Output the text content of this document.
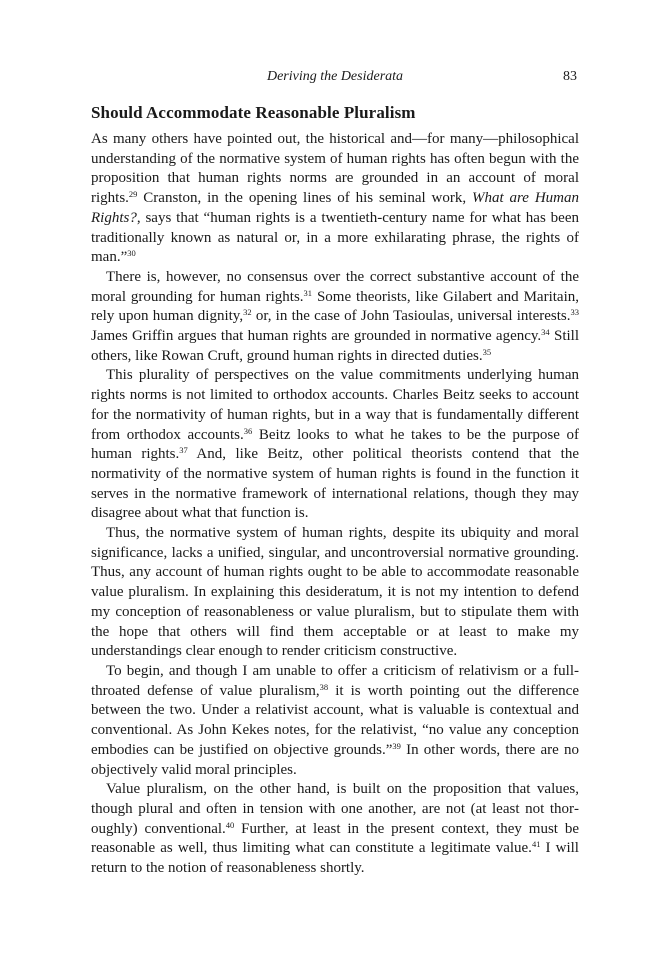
Deriving the Desiderata	83
Should Accommodate Reasonable Pluralism

As many others have pointed out, the historical and—for many—philosophical understanding of the normative system of human rights has often begun with the proposition that human rights norms are grounded in an account of moral rights.$^{29}$ Cranston, in the opening lines of his seminal work, What are Human Rights?, says that “human rights is a twentieth-century name for what has been traditionally known as natural or, in a more exhilarating phrase, the rights of man.”$^{30}$

There is, however, no consensus over the correct substantive account of the moral grounding for human rights.$^{31}$ Some theorists, like Gilabert and Maritain, rely upon human dignity,$^{32}$ or, in the case of John Tasioulas, universal interests.$^{33}$ James Griffin argues that human rights are grounded in normative agency.$^{34}$ Still others, like Rowan Cruft, ground human rights in directed duties.$^{35}$

This plurality of perspectives on the value commitments underlying human rights norms is not limited to orthodox accounts. Charles Beitz seeks to account for the normativity of human rights, but in a way that is fundamentally different from orthodox accounts.$^{36}$ Beitz looks to what he takes to be the purpose of human rights.$^{37}$ And, like Beitz, other political theorists contend that the normativity of the normative system of human rights is found in the function it serves in the normative framework of international relations, though they may disagree about what that function is.

Thus, the normative system of human rights, despite its ubiquity and moral significance, lacks a unified, singular, and uncontroversial normative grounding. Thus, any account of human rights ought to be able to accommodate reasonable value pluralism. In explaining this desideratum, it is not my intention to defend my conception of reasonableness or value pluralism, but to stipulate them with the hope that others will find them acceptable or at least to make my understandings clear enough to render criticism constructive.

To begin, and though I am unable to offer a criticism of relativism or a full-throated defense of value pluralism,$^{38}$ it is worth pointing out the difference between the two. Under a relativist account, what is valuable is contextual and conventional. As John Kekes notes, for the relativist, “no value any conception embodies can be justified on objective grounds.”$^{39}$ In other words, there are no objectively valid moral principles.

Value pluralism, on the other hand, is built on the proposition that values, though plural and often in tension with one another, are not (at least not thoroughly) conventional.$^{40}$ Further, at least in the present context, they must be reasonable as well, thus limiting what can constitute a legitimate value.$^{41}$ I will return to the notion of reasonableness shortly.
